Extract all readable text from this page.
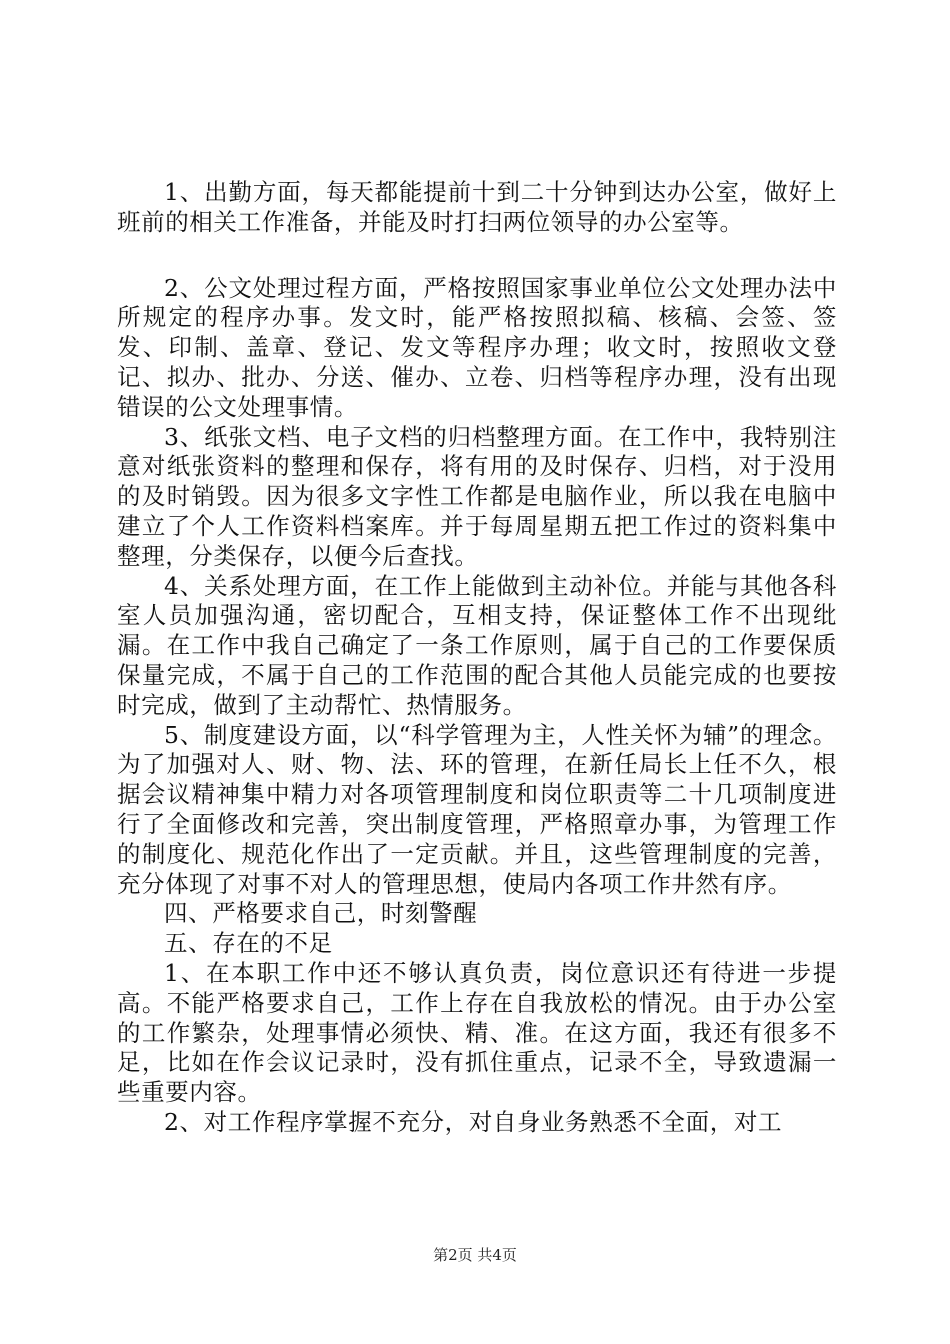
1、出勤方面，每天都能提前十到二十分钟到达办公室，做好上班前的相关工作准备，并能及时打扫两位领导的办公室等。

2、公文处理过程方面，严格按照国家事业单位公文处理办法中所规定的程序办事。发文时，能严格按照拟稿、核稿、会签、签发、印制、盖章、登记、发文等程序办理；收文时，按照收文登记、拟办、批办、分送、催办、立卷、归档等程序办理，没有出现错误的公文处理事情。

3、纸张文档、电子文档的归档整理方面。在工作中，我特别注意对纸张资料的整理和保存，将有用的及时保存、归档，对于没用的及时销毁。因为很多文字性工作都是电脑作业，所以我在电脑中建立了个人工作资料档案库。并于每周星期五把工作过的资料集中整理，分类保存，以便今后查找。

4、关系处理方面，在工作上能做到主动补位。并能与其他各科室人员加强沟通，密切配合，互相支持，保证整体工作不出现纰漏。在工作中我自己确定了一条工作原则，属于自己的工作要保质保量完成，不属于自己的工作范围的配合其他人员能完成的也要按时完成，做到了主动帮忙、热情服务。

5、制度建设方面，以“科学管理为主，人性关怀为辅”的理念。为了加强对人、财、物、法、环的管理，在新任局长上任不久，根据会议精神集中精力对各项管理制度和岗位职责等二十几项制度进行了全面修改和完善，突出制度管理，严格照章办事，为管理工作的制度化、规范化作出了一定贡献。并且，这些管理制度的完善，充分体现了对事不对人的管理思想，使局内各项工作井然有序。

四、严格要求自己，时刻警醒

五、存在的不足

1、在本职工作中还不够认真负责，岗位意识还有待进一步提高。不能严格要求自己，工作上存在自我放松的情况。由于办公室的工作繁杂，处理事情必须快、精、准。在这方面，我还有很多不足，比如在作会议记录时，没有抓住重点，记录不全，导致遗漏一些重要内容。

2、对工作程序掌握不充分，对自身业务熟悉不全面，对工

第2页 共4页
